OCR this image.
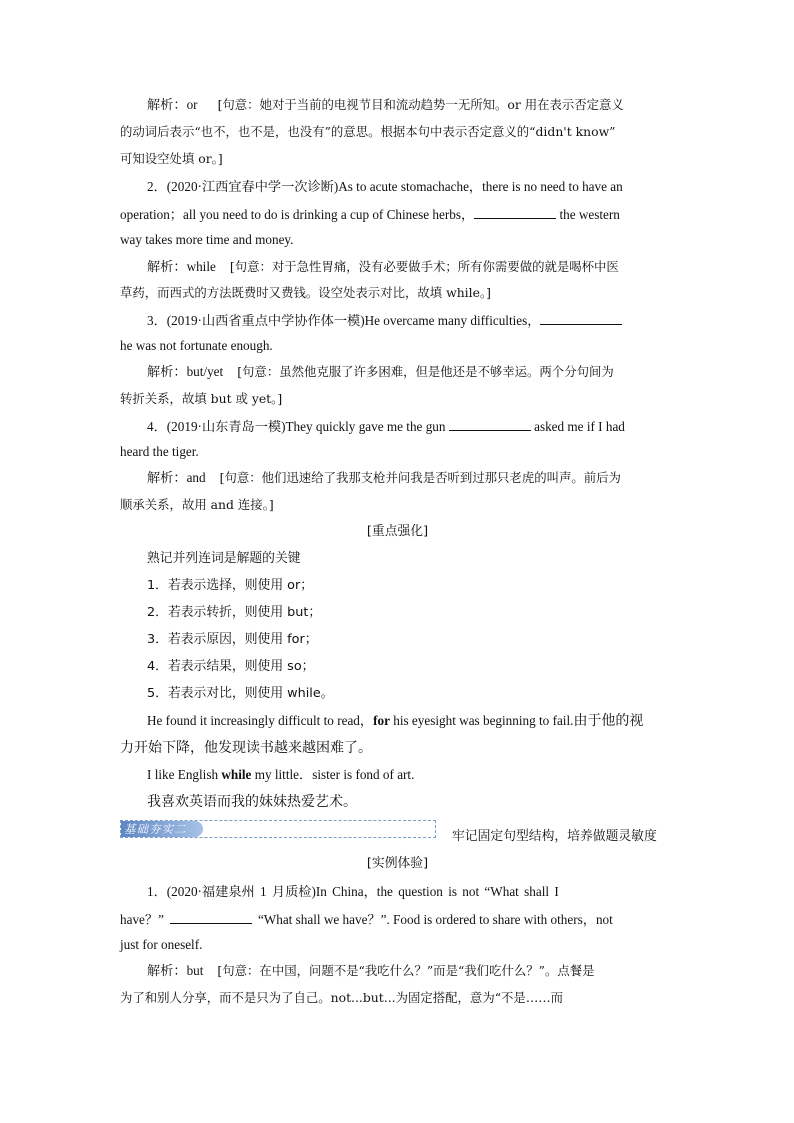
解析：or [句意：她对于当前的电视节目和流动趋势一无所知。or 用在表示否定意义
的动词后表示“也不，也不是，也没有”的意思。根据本句中表示否定意义的“didn't know”
可知设空处填 or。]
2．(2020·江西宜春中学一次诊断)As to acute stomachache，there is no need to have an
operation；all you need to do is drinking a cup of Chinese herbs，	the western
way takes more time and money.
解析：while [句意：对于急性胃痛，没有必要做手术；所有你需要做的就是喝杯中医
草药，而西式的方法既费时又费钱。设空处表示对比，故填 while。]
3．(2019·山西省重点中学协作体一模)He overcame many difficulties，
he was not fortunate enough.
解析：but/yet [句意：虽然他克服了许多困难，但是他还是不够幸运。两个分句间为
转折关系，故填 but 或 yet。]
4．(2019·山东青岛一模)They quickly gave me the gun	asked me if I had
heard the tiger.
解析：and [句意：他们迅速给了我那支枪并问我是否听到过那只老虎的叫声。前后为
顺承关系，故用 and 连接。]
[重点强化]
熟记并列连词是解题的关键
1．若表示选择，则使用 or；
2．若表示转折，则使用 but；
3．若表示原因，则使用 for；
4．若表示结果，则使用 so；
5．若表示对比，则使用 while。
He found it increasingly difficult to read，for his eyesight was beginning to fail.由于他的视
力开始下降，他发现读书越来越困难了。
I like English while my little．sister is fond of art.
我喜欢英语而我的妹妹热爱艺术。
基础夯实二	牢记固定句型结构，培养做题灵敏度
[实例体验]
1．(2020·福建泉州 1 月质检)In China，the question is not “What shall I
have？”	“What shall we have？”. Food is ordered to share with others，not
just for oneself.
解析：but [句意：在中国，问题不是“我吃什么？”而是“我们吃什么？”。点餐是
为了和别人分享，而不是只为了自己。not...but...为固定搭配，意为“不是……而
